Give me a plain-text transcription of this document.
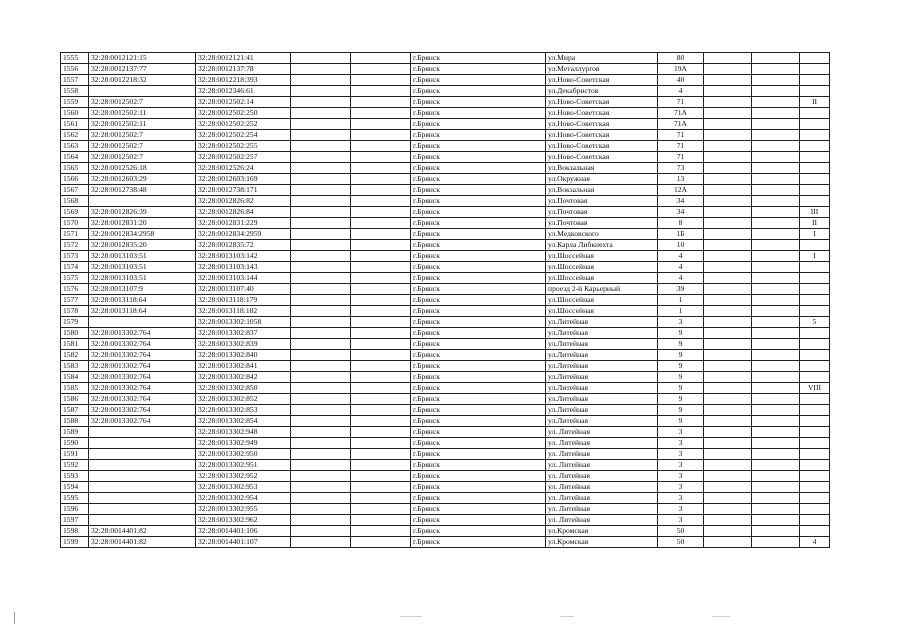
1555	32:28:0012121:15	32:28:0012121:41			г.Брянск	ул.Мира	80			
1556	32:28:0012137:77	32:28:0012137:78			г.Брянск	ул.Металлургов	19А			
1557	32:28:0012218:32	32:28:0012218:393			г.Брянск	ул.Ново-Советская	40			
1558		32:28:0012346:61			г.Брянск	ул.Декабристов	4			
1559	32:28:0012502:7	32:28:0012502:14			г.Брянск	ул.Ново-Советская	71			II
1560	32:28:0012502:11	32:28:0012502:250			г.Брянск	ул.Ново-Советская	71А			
1561	32:28:0012502:11	32:28:0012502:252			г.Брянск	ул.Ново-Советская	71А			
1562	32:28:0012502:7	32:28:0012502:254			г.Брянск	ул.Ново-Советская	71			
1563	32:28:0012502:7	32:28:0012502:255			г.Брянск	ул.Ново-Советская	71			
1564	32:28:0012502:7	32:28:0012502:257			г.Брянск	ул.Ново-Советская	71			
1565	32:28:0012526:18	32:28:0012526:24			г.Брянск	ул.Вокзальная	73			
1566	32:28:0012603:29	32:28:0012603:169			г.Брянск	ул.Окружная	13			
1567	32:28:0012738:48	32:28:0012738:171			г.Брянск	ул.Вокзальная	12А			
1568		32:28:0012826:82			г.Брянск	ул.Почтовая	34			
1569	32:28:0012826:39	32:28:0012826:84			г.Брянск	ул.Почтовая	34			III
1570	32:28:0012831:20	32:28:0012831:229			г.Брянск	ул.Почтовая	8			II
1571	32:28:0012834:2958	32:28:0012834:2959			г.Брянск	ул.Медковского	1Б			I
1572	32:28:0012835:20	32:28:0012835:72			г.Брянск	ул.Карла Либкнехта	10			
1573	32:28:0013103:51	32:28:0013103:142			г.Брянск	ул.Шоссейная	4			I
1574	32:28:0013103:51	32:28:0013103:143			г.Брянск	ул.Шоссейная	4			
1575	32:28:0013103:51	32:28:0013103:144			г.Брянск	ул.Шоссейная	4			
1576	32:28:0013107:9	32:28:0013107:40			г.Брянск	проезд 2-й Карьерный	39			
1577	32:28:0013118:64	32:28:0013118:179			г.Брянск	ул.Шоссейная	1			
1578	32:28:0013118:64	32:28:0013118:182			г.Брянск	ул.Шоссейная	1			
1579		32:28:0013302:1058			г.Брянск	ул.Литейная	3			5
1580	32:28:0013302:764	32:28:0013302:837			г.Брянск	ул.Литейная	9			
1581	32:28:0013302:764	32:28:0013302:839			г.Брянск	ул.Литейная	9			
1582	32:28:0013302:764	32:28:0013302:840			г.Брянск	ул.Литейная	9			
1583	32:28:0013302:764	32:28:0013302:841			г.Брянск	ул.Литейная	9			
1584	32:28:0013302:764	32:28:0013302:842			г.Брянск	ул.Литейная	9			
1585	32:28:0013302:764	32:28:0013302:850			г.Брянск	ул.Литейная	9			VIII
1586	32:28:0013302:764	32:28:0013302:852			г.Брянск	ул.Литейная	9			
1587	32:28:0013302:764	32:28:0013302:853			г.Брянск	ул.Литейная	9			
1588	32:28:0013302:764	32:28:0013302:854			г.Брянск	ул.Литейная	9			
1589		32:28:0013302:948			г.Брянск	ул. Литейная	3			
1590		32:28:0013302:949			г.Брянск	ул. Литейная	3			
1591		32:28:0013302:950			г.Брянск	ул. Литейная	3			
1592		32:28:0013302:951			г.Брянск	ул. Литейная	3			
1593		32:28:0013302:952			г.Брянск	ул. Литейная	3			
1594		32:28:0013302:953			г.Брянск	ул. Литейная	3			
1595		32:28:0013302:954			г.Брянск	ул. Литейная	3			
1596		32:28:0013302:955			г.Брянск	ул. Литейная	3			
1597		32:28:0013302:962			г.Брянск	ул. Литейная	3			
1598	32:28:0014401:82	32:28:0014401:106			г.Брянск	ул.Кромская	50			
1599	32:28:0014401:82	32:28:0014401:107			г.Брянск	ул.Кромская	50			4
